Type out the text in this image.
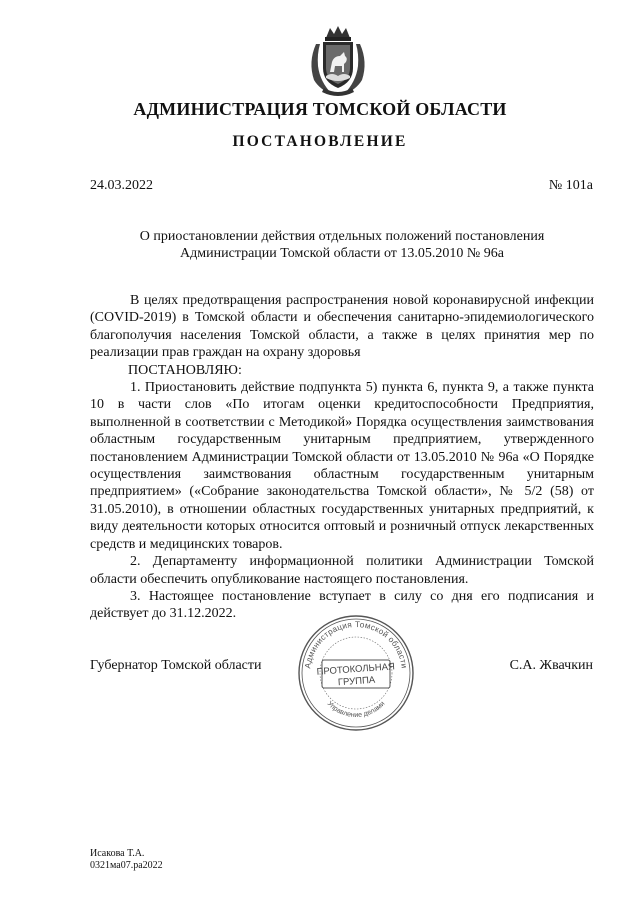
АДМИНИСТРАЦИЯ ТОМСКОЙ ОБЛАСТИ
ПОСТАНОВЛЕНИЕ
24.03.2022	№ 101а
О приостановлении действия отдельных положений постановления
Администрации Томской области от 13.05.2010 № 96а

В целях предотвращения распространения новой коронавирусной инфекции (COVID-2019) в Томской области и обеспечения санитарно-эпидемиологического благополучия населения Томской области, а также в целях принятия мер по реализации прав граждан на охрану здоровья

ПОСТАНОВЛЯЮ:

1. Приостановить действие подпункта 5) пункта 6, пункта 9, а также пункта 10 в части слов «По итогам оценки кредитоспособности Предприятия, выполненной в соответствии с Методикой» Порядка осуществления заимствования областным государственным унитарным предприятием, утвержденного постановлением Администрации Томской области от 13.05.2010 № 96а «О Порядке осуществления заимствования областным государственным унитарным предприятием» («Собрание законодательства Томской области», № 5/2 (58) от 31.05.2010), в отношении областных государственных унитарных предприятий, к виду деятельности которых относится оптовый и розничный отпуск лекарственных средств и медицинских товаров.

2. Департаменту информационной политики Администрации Томской области обеспечить опубликование настоящего постановления.

3. Настоящее постановление вступает в силу со дня его подписания и действует до 31.12.2022.

Губернатор Томской области	С.А. Жвачкин
Администрация Томской области
Управление делами
ПРОТОКОЛЬНАЯ
ГРУППА
Исакова Т.А.
0321ма07.ра2022
